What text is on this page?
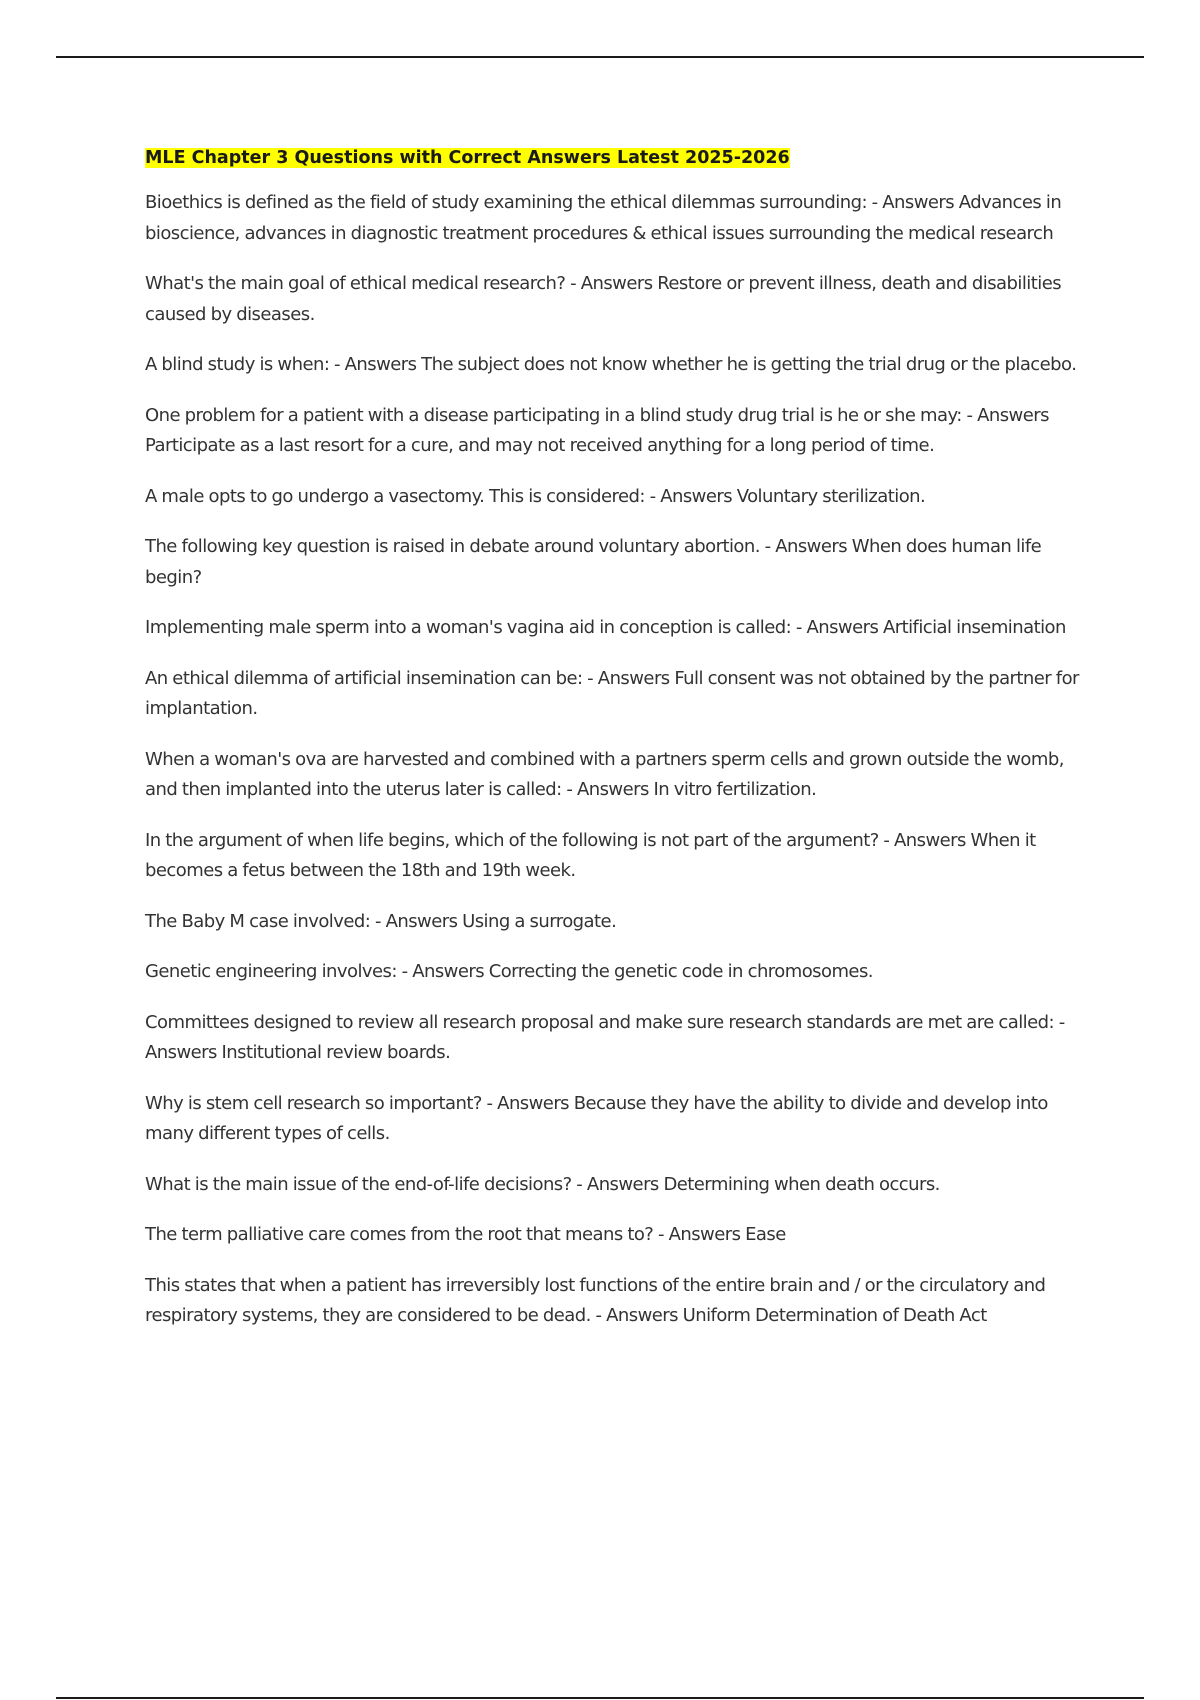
MLE Chapter 3 Questions with Correct Answers Latest 2025-2026

Bioethics is defined as the field of study examining the ethical dilemmas surrounding: - Answers Advances in bioscience, advances in diagnostic treatment procedures & ethical issues surrounding the medical research

What's the main goal of ethical medical research? - Answers Restore or prevent illness, death and disabilities caused by diseases.

A blind study is when: - Answers The subject does not know whether he is getting the trial drug or the placebo.

One problem for a patient with a disease participating in a blind study drug trial is he or she may: - Answers Participate as a last resort for a cure, and may not received anything for a long period of time.

A male opts to go undergo a vasectomy. This is considered: - Answers Voluntary sterilization.

The following key question is raised in debate around voluntary abortion. - Answers When does human life begin?

Implementing male sperm into a woman's vagina aid in conception is called: - Answers Artificial insemination

An ethical dilemma of artificial insemination can be: - Answers Full consent was not obtained by the partner for implantation.

When a woman's ova are harvested and combined with a partners sperm cells and grown outside the womb, and then implanted into the uterus later is called: - Answers In vitro fertilization.

In the argument of when life begins, which of the following is not part of the argument? - Answers When it becomes a fetus between the 18th and 19th week.

The Baby M case involved: - Answers Using a surrogate.

Genetic engineering involves: - Answers Correcting the genetic code in chromosomes.

Committees designed to review all research proposal and make sure research standards are met are called: - Answers Institutional review boards.

Why is stem cell research so important? - Answers Because they have the ability to divide and develop into many different types of cells.

What is the main issue of the end-of-life decisions? - Answers Determining when death occurs.

The term palliative care comes from the root that means to? - Answers Ease

This states that when a patient has irreversibly lost functions of the entire brain and / or the circulatory and respiratory systems, they are considered to be dead. - Answers Uniform Determination of Death Act
